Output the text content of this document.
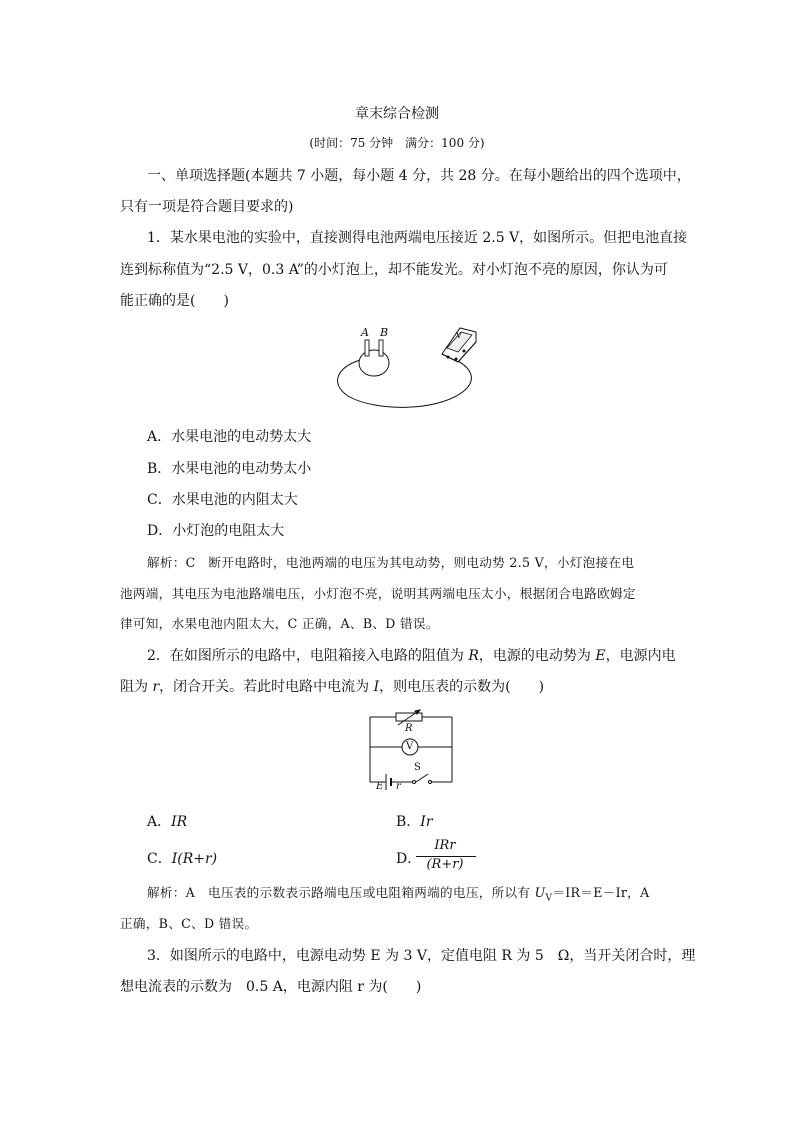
章末综合检测
(时间：75 分钟　满分：100 分)
一、单项选择题(本题共 7 小题，每小题 4 分，共 28 分。在每小题给出的四个选项中，
只有一项是符合题目要求的)
1．某水果电池的实验中，直接测得电池两端电压接近 2.5 V，如图所示。但把电池直接
连到标称值为“2.5 V，0.3 A”的小灯泡上，却不能发光。对小灯泡不亮的原因，你认为可
能正确的是(　　)
A B	V
A．水果电池的电动势太大
B．水果电池的电动势太小
C．水果电池的内阻太大
D．小灯泡的电阻太大
解析：C　断开电路时，电池两端的电压为其电动势，则电动势 2.5 V，小灯泡接在电
池两端，其电压为电池路端电压，小灯泡不亮，说明其两端电压太小，根据闭合电路欧姆定
律可知，水果电池内阻太大，C 正确，A、B、D 错误。
2．在如图所示的电路中，电阻箱接入电路的阻值为 R，电源的电动势为 E，电源内电
阻为 r，闭合开关。若此时电路中电流为 I，则电压表的示数为(　　)
R
V
S
E r
A．IR	B．Ir
C．I(R+r)	D．
IRr
(R+r)
解析：A　电压表的示数表示路端电压或电阻箱两端的电压，所以有 $U_V=IR=E-Ir$，A
正确，B、C、D 错误。
3．如图所示的电路中，电源电动势 E 为 3 V，定值电阻 R 为 5　Ω，当开关闭合时，理
想电流表的示数为　0.5 A，电源内阻 r 为(　　)
